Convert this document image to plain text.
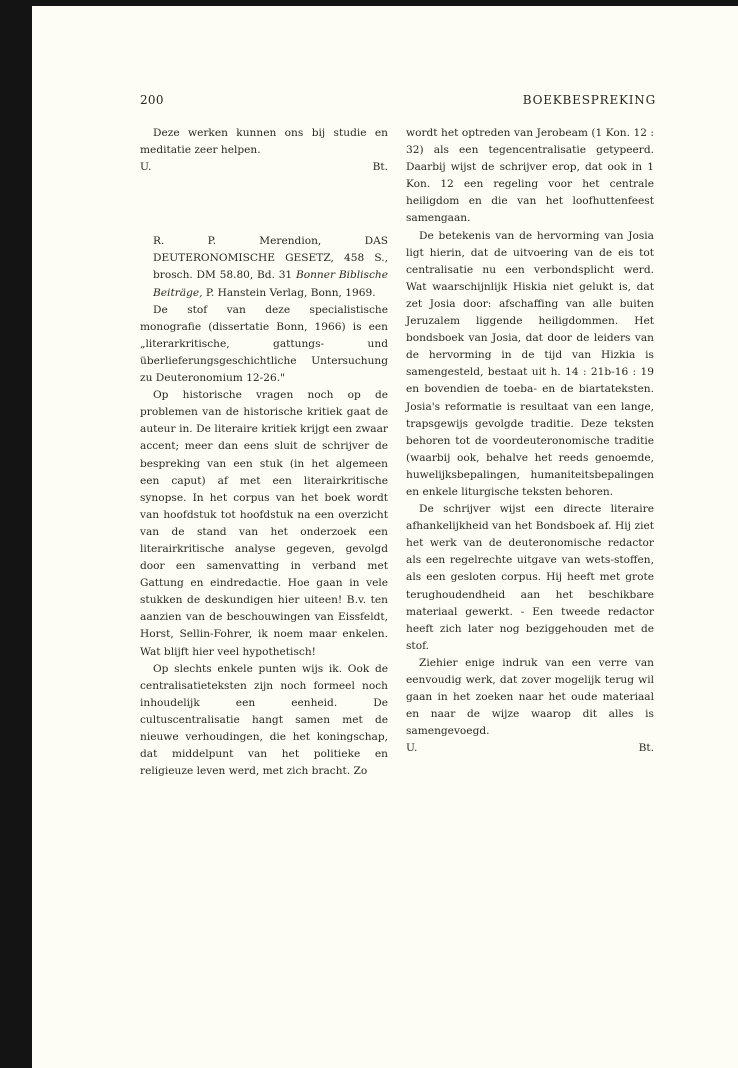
200	BOEKBESPREKING
Deze werken kunnen ons bij studie en meditatie zeer helpen.
U.	Bt.
R. P. Merendion, DAS DEUTERONOMISCHE GESETZ, 458 S., brosch. DM 58.80, Bd. 31 Bonner Biblische Beiträge, P. Hanstein Verlag, Bonn, 1969.
De stof van deze specialistische monografie (dissertatie Bonn, 1966) is een „literarkritische, gattungs- und überlieferungsgeschichtliche Untersuchung zu Deuteronomium 12-26."
Op historische vragen noch op de problemen van de historische kritiek gaat de auteur in. De literaire kritiek krijgt een zwaar accent; meer dan eens sluit de schrijver de bespreking van een stuk (in het algemeen een caput) af met een literairkritische synopse. In het corpus van het boek wordt van hoofdstuk tot hoofdstuk na een overzicht van de stand van het onderzoek een literairkritische analyse gegeven, gevolgd door een samenvatting in verband met Gattung en eindredactie. Hoe gaan in vele stukken de deskundigen hier uiteen! B.v. ten aanzien van de beschouwingen van Eissfeldt, Horst, Sellin-Fohrer, ik noem maar enkelen. Wat blijft hier veel hypothetisch!
Op slechts enkele punten wijs ik. Ook de centralisatieteksten zijn noch formeel noch inhoudelijk een eenheid. De cultuscentralisatie hangt samen met de nieuwe verhoudingen, die het koningschap, dat middelpunt van het politieke en religieuze leven werd, met zich bracht. Zo
wordt het optreden van Jerobeam (1 Kon. 12 : 32) als een tegencentralisatie getypeerd. Daarbij wijst de schrijver erop, dat ook in 1 Kon. 12 een regeling voor het centrale heiligdom en die van het loofhuttenfeest samengaan.
De betekenis van de hervorming van Josia ligt hierin, dat de uitvoering van de eis tot centralisatie nu een verbondsplicht werd. Wat waarschijnlijk Hiskia niet gelukt is, dat zet Josia door: afschaffing van alle buiten Jeruzalem liggende heiligdommen. Het bondsboek van Josia, dat door de leiders van de hervorming in de tijd van Hizkia is samengesteld, bestaat uit h. 14 : 21b-16 : 19 en bovendien de toeba- en de biartateksten. Josia's reformatie is resultaat van een lange, trapsgewijs gevolgde traditie. Deze teksten behoren tot de voordeuteronomische traditie (waarbij ook, behalve het reeds genoemde, huwelijksbepalingen, humaniteitsbepalingen en enkele liturgische teksten behoren.
De schrijver wijst een directe literaire afhankelijkheid van het Bondsboek af. Hij ziet het werk van de deuteronomische redactor als een regelrechte uitgave van wets-stoffen, als een gesloten corpus. Hij heeft met grote terughoudendheid aan het beschikbare materiaal gewerkt. - Een tweede redactor heeft zich later nog beziggehouden met de stof.
Ziehier enige indruk van een verre van eenvoudig werk, dat zover mogelijk terug wil gaan in het zoeken naar het oude materiaal en naar de wijze waarop dit alles is samengevoegd.
U.	Bt.
